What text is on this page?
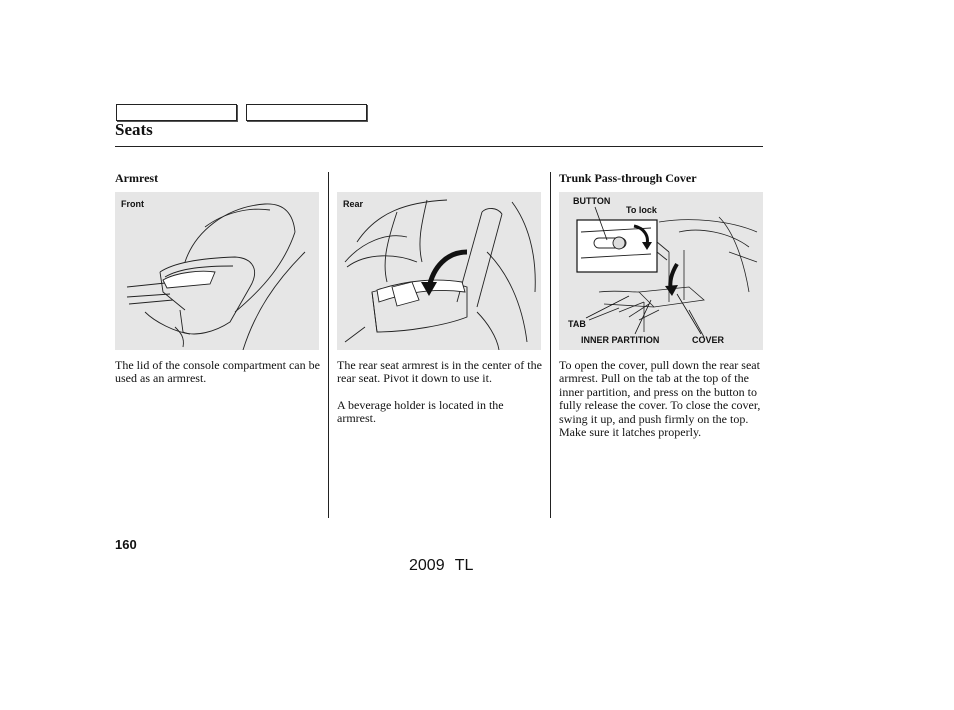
Seats
Armrest
Front

The lid of the console compartment can be used as an armrest.

Rear

The rear seat armrest is in the center of the rear seat. Pivot it down to use it.

A beverage holder is located in the armrest.

Trunk Pass-through Cover
BUTTON
To lock
TAB
INNER PARTITION	COVER

To open the cover, pull down the rear seat armrest. Pull on the tab at the top of the inner partition, and press on the button to fully release the cover. To close the cover, swing it up, and push firmly on the top. Make sure it latches properly.

160
2009 TL
